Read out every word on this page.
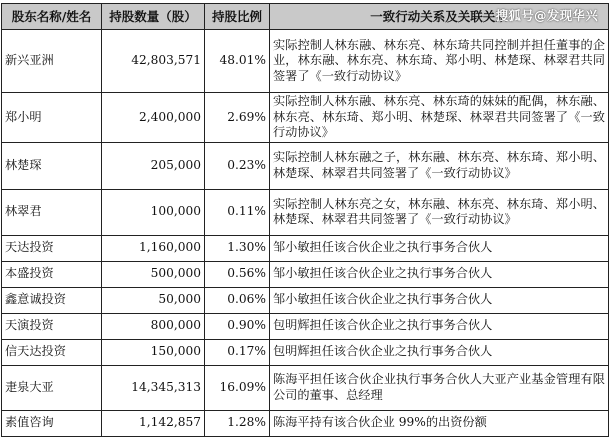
股东名称/姓名	持股数量（股）	持股比例	一致行动关系及关联关系
新兴亚洲	42,803,571	48.01%	实际控制人林东融、林东亮、林东琦共同控制并担任董事的企业，林东融、林东亮、林东琦、郑小明、林楚琛、林翠君共同签署了《一致行动协议》
郑小明	2,400,000	2.69%	实际控制人林东融、林东亮、林东琦的妹妹的配偶，林东融、林东亮、林东琦、郑小明、林楚琛、林翠君共同签署了《一致行动协议》
林楚琛	205,000	0.23%	实际控制人林东融之子，林东融、林东亮、林东琦、郑小明、林楚琛、林翠君共同签署了《一致行动协议》
林翠君	100,000	0.11%	实际控制人林东亮之女，林东融、林东亮、林东琦、郑小明、林楚琛、林翠君共同签署了《一致行动协议》
天达投资	1,160,000	1.30%	邹小敏担任该合伙企业之执行事务合伙人
本盛投资	500,000	0.56%	邹小敏担任该合伙企业之执行事务合伙人
鑫意诚投资	50,000	0.06%	邹小敏担任该合伙企业之执行事务合伙人
天演投资	800,000	0.90%	包明辉担任该合伙企业之执行事务合伙人
信天达投资	150,000	0.17%	包明辉担任该合伙企业之执行事务合伙人
疌泉大亚	14,345,313	16.09%	陈海平担任该合伙企业执行事务合伙人大亚产业基金管理有限公司的董事、总经理
素值咨询	1,142,857	1.28%	陈海平持有该合伙企业 99%的出资份额
搜狐号@发现华兴
